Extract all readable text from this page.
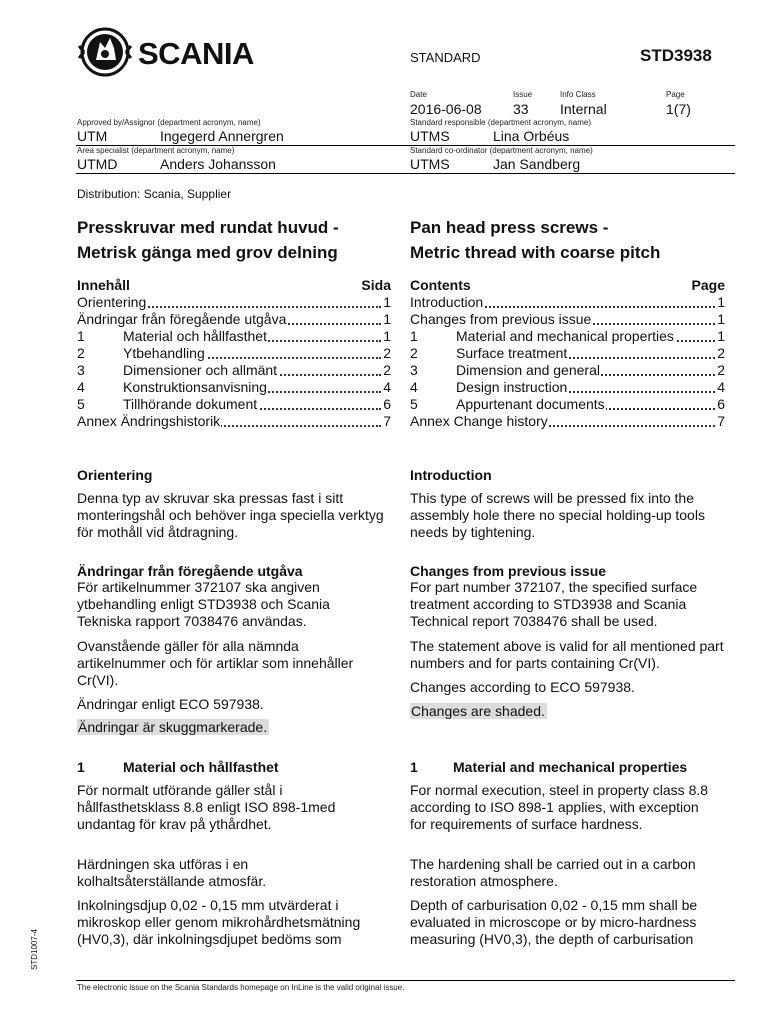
SCANIA	STANDARD	STD3938
Date	Issue	Info Class	Page
2016-06-08 33 Internal	1(7)
Approved by/Assignor (department acronym, name)	Standard responsible (department acronym, name)
UTM	Ingegerd Annergren	UTMS	Lina Orbéus
Area specialist (department acronym, name)	Standard co-ordinator (department acronym, name)
UTMD	Anders Johansson	UTMS	Jan Sandberg
Distribution: Scania, Supplier
Presskruvar med rundat huvud -
Metrisk gänga med grov delning
Pan head press screws -
Metric thread with coarse pitch
Innehåll	Sida
Orientering	1
Ändringar från föregående utgåva	1
1	Material och hållfasthet	1
2	Ytbehandling	2
3	Dimensioner och allmänt	2
4	Konstruktionsanvisning	4
5	Tillhörande dokument	6
Annex Ändringshistorik	7
Contents	Page
Introduction	1
Changes from previous issue	1
1	Material and mechanical properties	1
2	Surface treatment	2
3	Dimension and general	2
4	Design instruction	4
5	Appurtenant documents	6
Annex Change history	7
Orientering
Denna typ av skruvar ska pressas fast i sitt monteringshål och behöver inga speciella verktyg för mothåll vid åtdragning.
Ändringar från föregående utgåva
För artikelnummer 372107 ska angiven ytbehandling enligt STD3938 och Scania Tekniska rapport 7038476 användas.
Ovanstående gäller för alla nämnda artikelnummer och för artiklar som innehåller Cr(VI).
Ändringar enligt ECO 597938.
Ändringar är skuggmarkerade.
1	Material och hållfasthet
För normalt utförande gäller stål i hållfasthetsklass 8.8 enligt ISO 898-1med undantag för krav på ythårdhet.
Härdningen ska utföras i en kolhaltsåterställande atmosfär.
Inkolningsdjup 0,02 - 0,15 mm utvärderat i mikroskop eller genom mikrohårdhetsmätning (HV0,3), där inkolningsdjupet bedöms som
Introduction
This type of screws will be pressed fix into the assembly hole there no special holding-up tools needs by tightening.
Changes from previous issue
For part number 372107, the specified surface treatment according to STD3938 and Scania Technical report 7038476 shall be used.
The statement above is valid for all mentioned part numbers and for parts containing Cr(VI).
Changes according to ECO 597938.
Changes are shaded.
1	Material and mechanical properties
For normal execution, steel in property class 8.8 according to ISO 898-1 applies, with exception for requirements of surface hardness.
The hardening shall be carried out in a carbon restoration atmosphere.
Depth of carburisation 0,02 - 0,15 mm shall be evaluated in microscope or by micro-hardness measuring (HV0,3), the depth of carburisation
STD1007-4
The electronic issue on the Scania Standards homepage on InLine is the valid original issue.
